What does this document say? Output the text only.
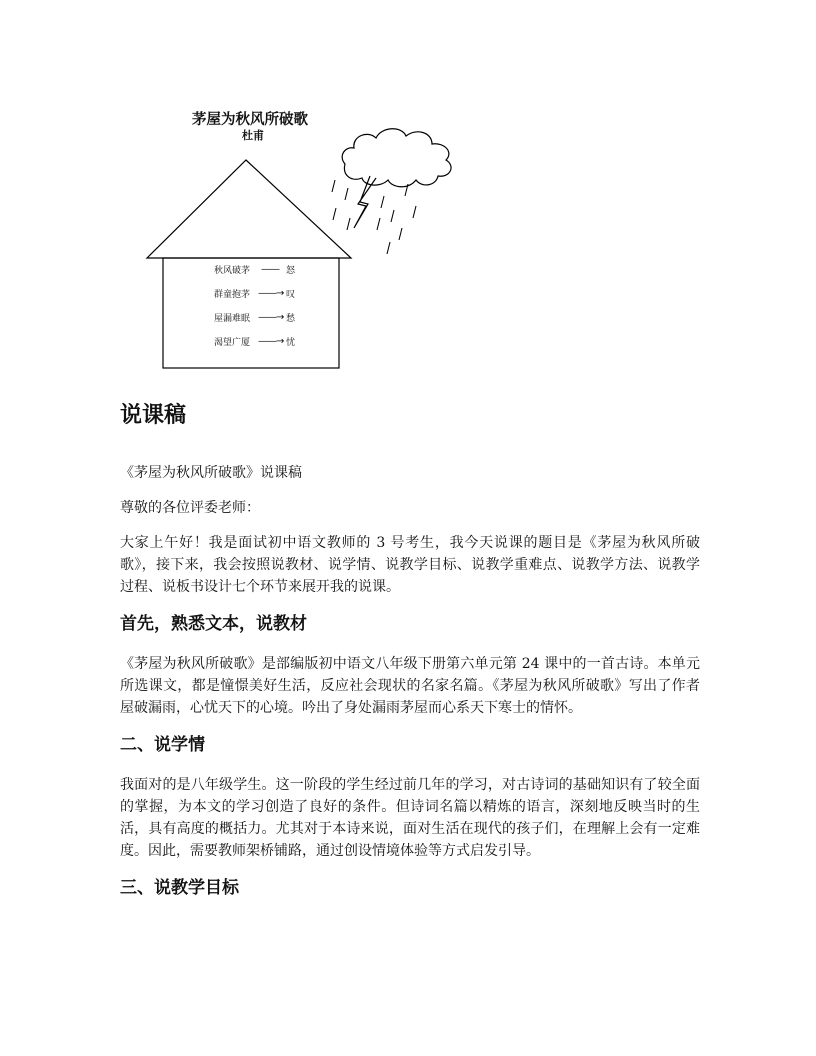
茅屋为秋风所破歌
杜甫
秋风破茅	—— 怒
群童抱茅 ——→ 叹
屋漏难眠 ——→ 愁
渴望广厦 ——→ 忧
说课稿

《茅屋为秋风所破歌》说课稿

尊敬的各位评委老师：

大家上午好！我是面试初中语文教师的 3 号考生，我今天说课的题目是《茅屋为秋风所破歌》，接下来，我会按照说教材、说学情、说教学目标、说教学重难点、说教学方法、说教学过程、说板书设计七个环节来展开我的说课。

首先，熟悉文本，说教材

《茅屋为秋风所破歌》是部编版初中语文八年级下册第六单元第 24 课中的一首古诗。本单元所选课文，都是憧憬美好生活，反应社会现状的名家名篇。《茅屋为秋风所破歌》写出了作者屋破漏雨，心忧天下的心境。吟出了身处漏雨茅屋而心系天下寒士的情怀。

二、说学情

我面对的是八年级学生。这一阶段的学生经过前几年的学习，对古诗词的基础知识有了较全面的掌握，为本文的学习创造了良好的条件。但诗词名篇以精炼的语言，深刻地反映当时的生活，具有高度的概括力。尤其对于本诗来说，面对生活在现代的孩子们，在理解上会有一定难度。因此，需要教师架桥铺路，通过创设情境体验等方式启发引导。

三、说教学目标
